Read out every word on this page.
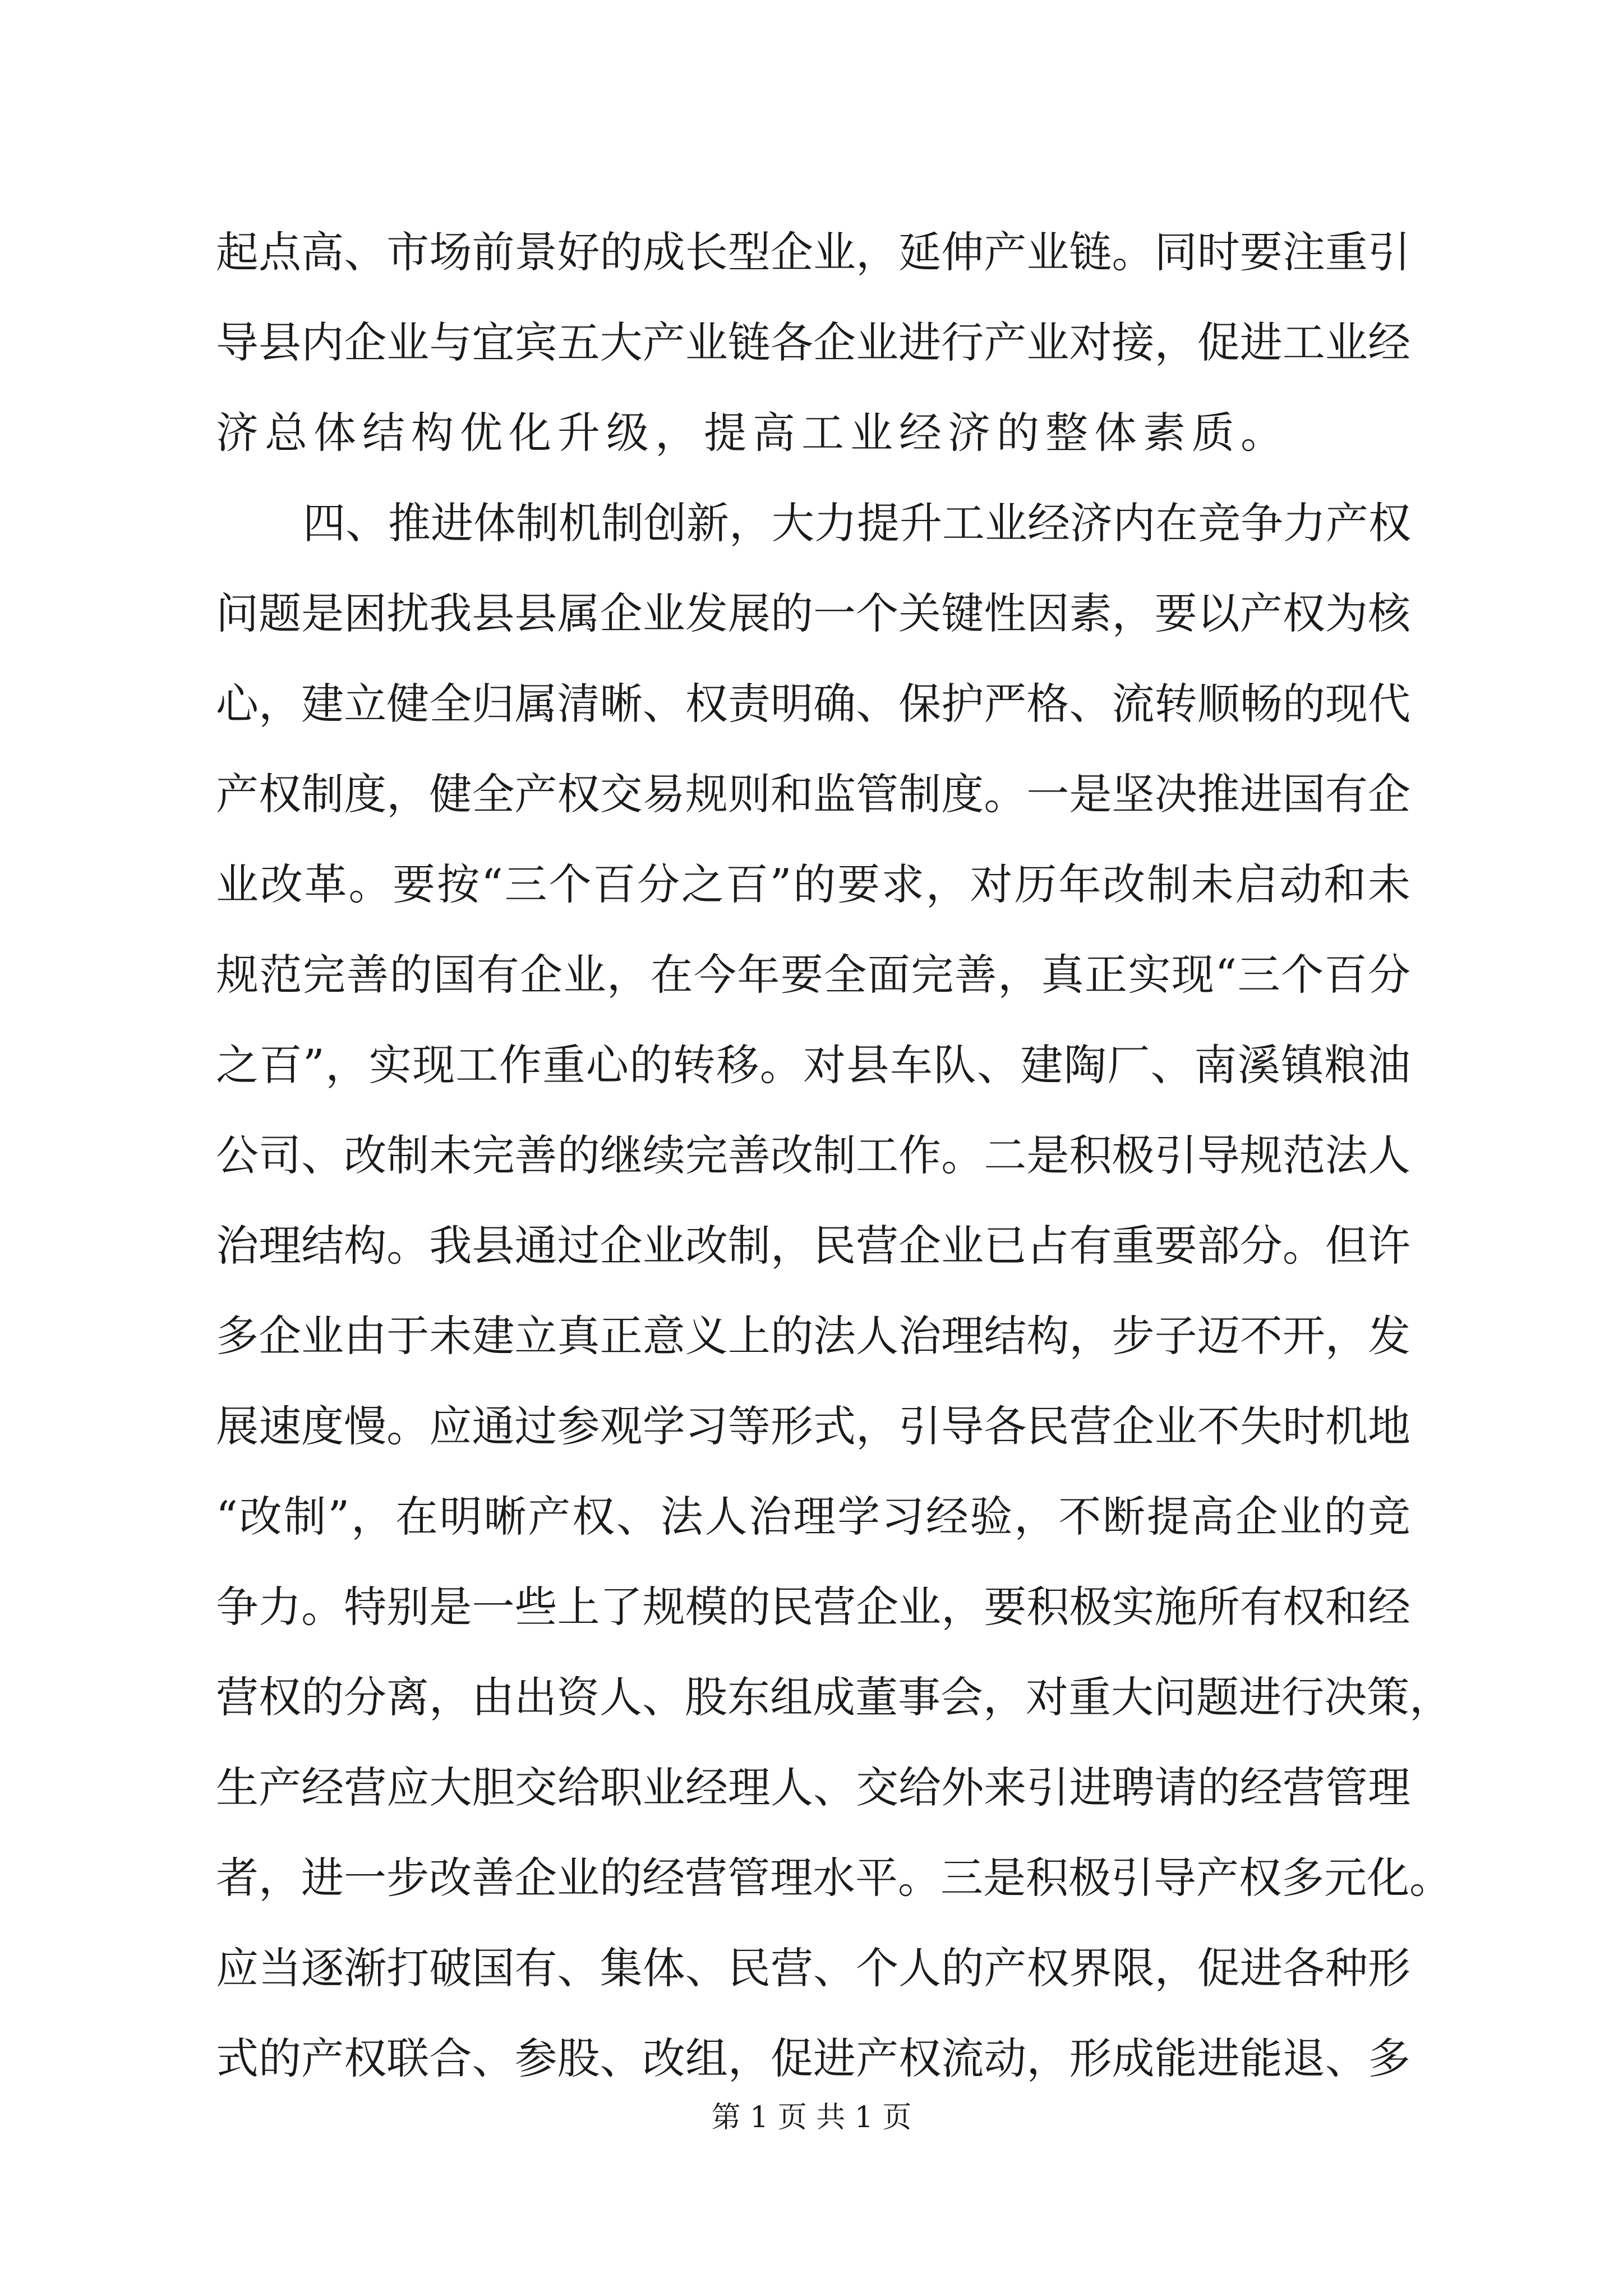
起点高、市场前景好的成长型企业，延伸产业链。同时要注重引
导县内企业与宜宾五大产业链各企业进行产业对接，促进工业经
济总体结构优化升级，提高工业经济的整体素质。
四、推进体制机制创新，大力提升工业经济内在竞争力产权
问题是困扰我县县属企业发展的一个关键性因素，要以产权为核
心，建立健全归属清晰、权责明确、保护严格、流转顺畅的现代
产权制度，健全产权交易规则和监管制度。一是坚决推进国有企
业改革。要按“三个百分之百”的要求，对历年改制未启动和未
规范完善的国有企业，在今年要全面完善，真正实现“三个百分
之百”，实现工作重心的转移。对县车队、建陶厂、南溪镇粮油
公司、改制未完善的继续完善改制工作。二是积极引导规范法人
治理结构。我县通过企业改制，民营企业已占有重要部分。但许
多企业由于未建立真正意义上的法人治理结构，步子迈不开，发
展速度慢。应通过参观学习等形式，引导各民营企业不失时机地
“改制”，在明晰产权、法人治理学习经验，不断提高企业的竞
争力。特别是一些上了规模的民营企业，要积极实施所有权和经
营权的分离，由出资人、股东组成董事会，对重大问题进行决策，
生产经营应大胆交给职业经理人、交给外来引进聘请的经营管理
者，进一步改善企业的经营管理水平。三是积极引导产权多元化。
应当逐渐打破国有、集体、民营、个人的产权界限，促进各种形
式的产权联合、参股、改组，促进产权流动，形成能进能退、多
第 1 页 共 1 页
